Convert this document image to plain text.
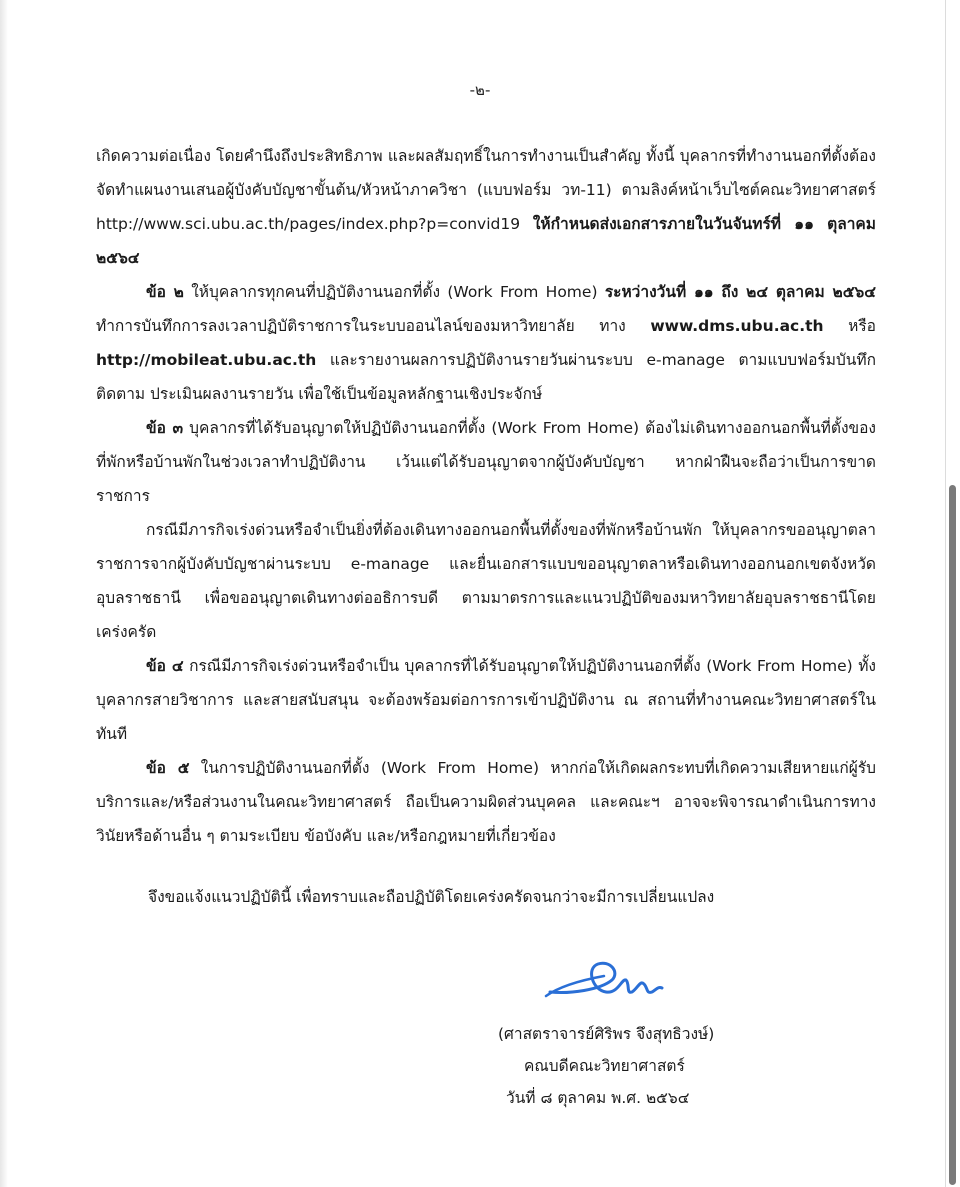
-๒-

เกิดความต่อเนื่อง โดยคำนึงถึงประสิทธิภาพ และผลสัมฤทธิ์ในการทำงานเป็นสำคัญ ทั้งนี้ บุคลากรที่ทำงานนอกที่ตั้งต้องจัดทำแผนงานเสนอผู้บังคับบัญชาขั้นต้น/หัวหน้าภาควิชา (แบบฟอร์ม วท-11) ตามลิงค์หน้าเว็บไซต์คณะวิทยาศาสตร์ http://www.sci.ubu.ac.th/pages/index.php?p=convid19 ให้กำหนดส่งเอกสารภายในวันจันทร์ที่ ๑๑ ตุลาคม ๒๕๖๔

ข้อ ๒ ให้บุคลากรทุกคนที่ปฏิบัติงานนอกที่ตั้ง (Work From Home) ระหว่างวันที่ ๑๑ ถึง ๒๔ ตุลาคม ๒๕๖๔ ทำการบันทึกการลงเวลาปฏิบัติราชการในระบบออนไลน์ของมหาวิทยาลัย ทาง www.dms.ubu.ac.th หรือ http://mobileat.ubu.ac.th และรายงานผลการปฏิบัติงานรายวันผ่านระบบ e-manage ตามแบบฟอร์มบันทึกติดตาม ประเมินผลงานรายวัน เพื่อใช้เป็นข้อมูลหลักฐานเชิงประจักษ์

ข้อ ๓ บุคลากรที่ได้รับอนุญาตให้ปฏิบัติงานนอกที่ตั้ง (Work From Home) ต้องไม่เดินทางออกนอกพื้นที่ตั้งของที่พักหรือบ้านพักในช่วงเวลาทำปฏิบัติงาน เว้นแต่ได้รับอนุญาตจากผู้บังคับบัญชา หากฝ่าฝืนจะถือว่าเป็นการขาดราชการ

กรณีมีภารกิจเร่งด่วนหรือจำเป็นยิ่งที่ต้องเดินทางออกนอกพื้นที่ตั้งของที่พักหรือบ้านพัก ให้บุคลากรขออนุญาตลาราชการจากผู้บังคับบัญชาผ่านระบบ e-manage และยื่นเอกสารแบบขออนุญาตลาหรือเดินทางออกนอกเขตจังหวัดอุบลราชธานี เพื่อขออนุญาตเดินทางต่ออธิการบดี ตามมาตรการและแนวปฏิบัติของมหาวิทยาลัยอุบลราชธานีโดยเคร่งครัด

ข้อ ๔ กรณีมีภารกิจเร่งด่วนหรือจำเป็น บุคลากรที่ได้รับอนุญาตให้ปฏิบัติงานนอกที่ตั้ง (Work From Home) ทั้งบุคลากรสายวิชาการ และสายสนับสนุน จะต้องพร้อมต่อการการเข้าปฏิบัติงาน ณ สถานที่ทำงานคณะวิทยาศาสตร์ในทันที

ข้อ ๕ ในการปฏิบัติงานนอกที่ตั้ง (Work From Home) หากก่อให้เกิดผลกระทบที่เกิดความเสียหายแก่ผู้รับบริการและ/หรือส่วนงานในคณะวิทยาศาสตร์ ถือเป็นความผิดส่วนบุคคล และคณะฯ อาจจะพิจารณาดำเนินการทางวินัยหรือด้านอื่น ๆ ตามระเบียบ ข้อบังคับ และ/หรือกฎหมายที่เกี่ยวข้อง

จึงขอแจ้งแนวปฏิบัตินี้ เพื่อทราบและถือปฏิบัติโดยเคร่งครัดจนกว่าจะมีการเปลี่ยนแปลง
(ศาสตราจารย์ศิริพร จึงสุทธิวงษ์)
คณบดีคณะวิทยาศาสตร์
วันที่ ๘ ตุลาคม พ.ศ. ๒๕๖๔
